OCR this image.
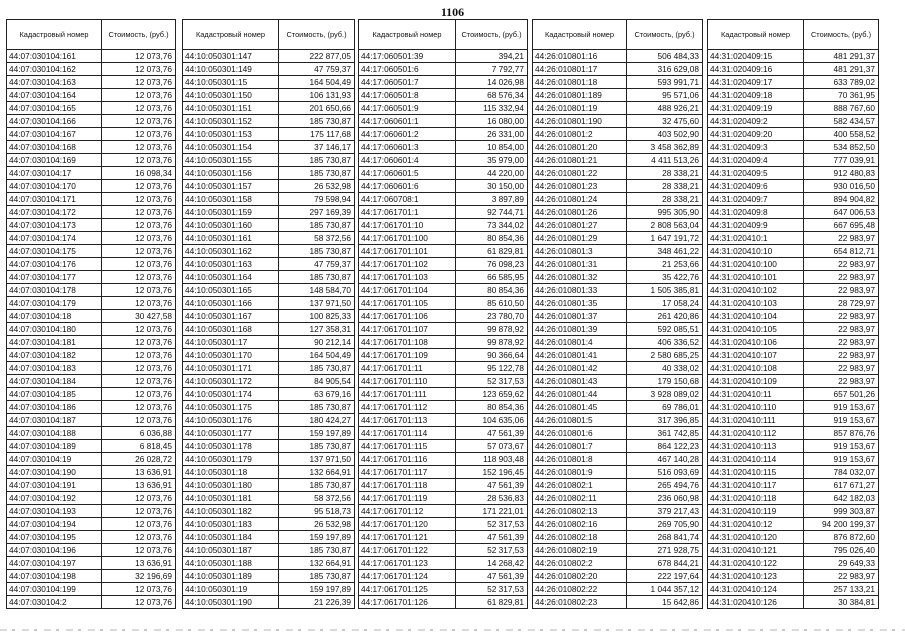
1106
Кадастровый номер	Стоимость, (руб.)
44:07:030104:161	12 073,76
44:07:030104:162	12 073,76
44:07:030104:163	12 073,76
44:07:030104:164	12 073,76
44:07:030104:165	12 073,76
44:07:030104:166	12 073,76
44:07:030104:167	12 073,76
44:07:030104:168	12 073,76
44:07:030104:169	12 073,76
44:07:030104:17	16 098,34
44:07:030104:170	12 073,76
44:07:030104:171	12 073,76
44:07:030104:172	12 073,76
44:07:030104:173	12 073,76
44:07:030104:174	12 073,76
44:07:030104:175	12 073,76
44:07:030104:176	12 073,76
44:07:030104:177	12 073,76
44:07:030104:178	12 073,76
44:07:030104:179	12 073,76
44:07:030104:18	30 427,58
44:07:030104:180	12 073,76
44:07:030104:181	12 073,76
44:07:030104:182	12 073,76
44:07:030104:183	12 073,76
44:07:030104:184	12 073,76
44:07:030104:185	12 073,76
44:07:030104:186	12 073,76
44:07:030104:187	12 073,76
44:07:030104:188	6 036,88
44:07:030104:189	6 818,45
44:07:030104:19	26 028,72
44:07:030104:190	13 636,91
44:07:030104:191	13 636,91
44:07:030104:192	12 073,76
44:07:030104:193	12 073,76
44:07:030104:194	12 073,76
44:07:030104:195	12 073,76
44:07:030104:196	12 073,76
44:07:030104:197	13 636,91
44:07:030104:198	32 196,69
44:07:030104:199	12 073,76
44:07:030104:2	12 073,76
Кадастровый номер	Стоимость, (руб.)
44:10:050301:147	222 877,05
44:10:050301:149	47 759,37
44:10:050301:15	164 504,49
44:10:050301:150	106 131,93
44:10:050301:151	201 650,66
44:10:050301:152	185 730,87
44:10:050301:153	175 117,68
44:10:050301:154	37 146,17
44:10:050301:155	185 730,87
44:10:050301:156	185 730,87
44:10:050301:157	26 532,98
44:10:050301:158	79 598,94
44:10:050301:159	297 169,39
44:10:050301:160	185 730,87
44:10:050301:161	58 372,56
44:10:050301:162	185 730,87
44:10:050301:163	47 759,37
44:10:050301:164	185 730,87
44:10:050301:165	148 584,70
44:10:050301:166	137 971,50
44:10:050301:167	100 825,33
44:10:050301:168	127 358,31
44:10:050301:17	90 212,14
44:10:050301:170	164 504,49
44:10:050301:171	185 730,87
44:10:050301:172	84 905,54
44:10:050301:174	63 679,16
44:10:050301:175	185 730,87
44:10:050301:176	180 424,27
44:10:050301:177	159 197,89
44:10:050301:178	185 730,87
44:10:050301:179	137 971,50
44:10:050301:18	132 664,91
44:10:050301:180	185 730,87
44:10:050301:181	58 372,56
44:10:050301:182	95 518,73
44:10:050301:183	26 532,98
44:10:050301:184	159 197,89
44:10:050301:187	185 730,87
44:10:050301:188	132 664,91
44:10:050301:189	185 730,87
44:10:050301:19	159 197,89
44:10:050301:190	21 226,39
Кадастровый номер	Стоимость, (руб.)
44:17:060501:39	394,21
44:17:060501:6	7 792,77
44:17:060501:7	14 026,98
44:17:060501:8	68 576,34
44:17:060501:9	115 332,94
44:17:060601:1	16 080,00
44:17:060601:2	26 331,00
44:17:060601:3	10 854,00
44:17:060601:4	35 979,00
44:17:060601:5	44 220,00
44:17:060601:6	30 150,00
44:17:060708:1	3 897,89
44:17:061701:1	92 744,71
44:17:061701:10	73 344,02
44:17:061701:100	80 854,36
44:17:061701:101	61 829,81
44:17:061701:102	76 098,23
44:17:061701:103	66 585,95
44:17:061701:104	80 854,36
44:17:061701:105	85 610,50
44:17:061701:106	23 780,70
44:17:061701:107	99 878,92
44:17:061701:108	99 878,92
44:17:061701:109	90 366,64
44:17:061701:11	95 122,78
44:17:061701:110	52 317,53
44:17:061701:111	123 659,62
44:17:061701:112	80 854,36
44:17:061701:113	104 635,06
44:17:061701:114	47 561,39
44:17:061701:115	57 073,67
44:17:061701:116	118 903,48
44:17:061701:117	152 196,45
44:17:061701:118	47 561,39
44:17:061701:119	28 536,83
44:17:061701:12	171 221,01
44:17:061701:120	52 317,53
44:17:061701:121	47 561,39
44:17:061701:122	52 317,53
44:17:061701:123	14 268,42
44:17:061701:124	47 561,39
44:17:061701:125	52 317,53
44:17:061701:126	61 829,81
Кадастровый номер	Стоимость, (руб.)
44:26:010801:16	506 484,33
44:26:010801:17	316 629,08
44:26:010801:18	593 991,71
44:26:010801:189	95 571,06
44:26:010801:19	488 926,21
44:26:010801:190	32 475,60
44:26:010801:2	403 502,90
44:26:010801:20	3 458 362,89
44:26:010801:21	4 411 513,26
44:26:010801:22	28 338,21
44:26:010801:23	28 338,21
44:26:010801:24	28 338,21
44:26:010801:26	995 305,90
44:26:010801:27	2 808 563,04
44:26:010801:29	1 647 191,72
44:26:010801:3	348 461,22
44:26:010801:31	21 253,66
44:26:010801:32	35 422,76
44:26:010801:33	1 505 385,81
44:26:010801:35	17 058,24
44:26:010801:37	261 420,86
44:26:010801:39	592 085,51
44:26:010801:4	406 336,52
44:26:010801:41	2 580 685,25
44:26:010801:42	40 338,02
44:26:010801:43	179 150,68
44:26:010801:44	3 928 089,02
44:26:010801:45	69 786,01
44:26:010801:5	317 396,85
44:26:010801:6	361 742,85
44:26:010801:7	864 122,23
44:26:010801:8	467 140,28
44:26:010801:9	516 093,69
44:26:010802:1	265 494,76
44:26:010802:11	236 060,98
44:26:010802:13	379 217,43
44:26:010802:16	269 705,90
44:26:010802:18	268 841,74
44:26:010802:19	271 928,75
44:26:010802:2	678 844,21
44:26:010802:20	222 197,64
44:26:010802:22	1 044 357,12
44:26:010802:23	15 642,86
Кадастровый номер	Стоимость, (руб.)
44:31:020409:15	481 291,37
44:31:020409:16	481 291,37
44:31:020409:17	633 789,02
44:31:020409:18	70 361,95
44:31:020409:19	888 767,60
44:31:020409:2	582 434,57
44:31:020409:20	400 558,52
44:31:020409:3	534 852,50
44:31:020409:4	777 039,91
44:31:020409:5	912 480,83
44:31:020409:6	930 016,50
44:31:020409:7	894 904,82
44:31:020409:8	647 006,53
44:31:020409:9	667 695,48
44:31:020410:1	22 983,97
44:31:020410:10	654 812,71
44:31:020410:100	22 983,97
44:31:020410:101	22 983,97
44:31:020410:102	22 983,97
44:31:020410:103	28 729,97
44:31:020410:104	22 983,97
44:31:020410:105	22 983,97
44:31:020410:106	22 983,97
44:31:020410:107	22 983,97
44:31:020410:108	22 983,97
44:31:020410:109	22 983,97
44:31:020410:11	657 501,26
44:31:020410:110	919 153,67
44:31:020410:111	919 153,67
44:31:020410:112	857 876,76
44:31:020410:113	919 153,67
44:31:020410:114	919 153,67
44:31:020410:115	784 032,07
44:31:020410:117	617 671,27
44:31:020410:118	642 182,03
44:31:020410:119	999 303,87
44:31:020410:12	94 200 199,37
44:31:020410:120	876 872,60
44:31:020410:121	795 026,40
44:31:020410:122	29 649,33
44:31:020410:123	22 983,97
44:31:020410:124	257 133,21
44:31:020410:126	30 384,81
